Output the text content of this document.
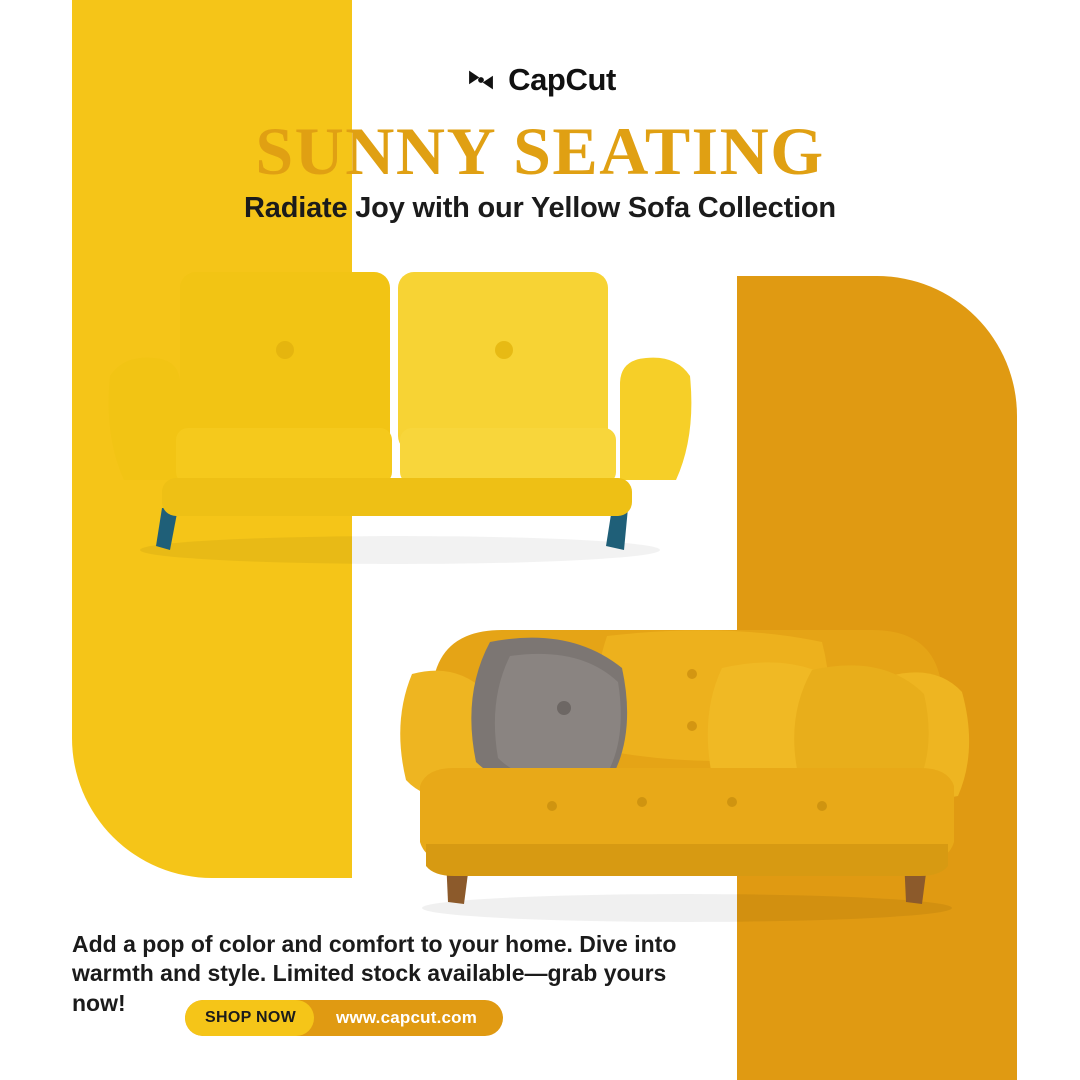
CapCut
SUNNY SEATING
Radiate Joy with our Yellow Sofa Collection
Add a pop of color and comfort to your home. Dive into warmth and style. Limited stock available—grab yours now!
SHOP NOW	www.capcut.com
